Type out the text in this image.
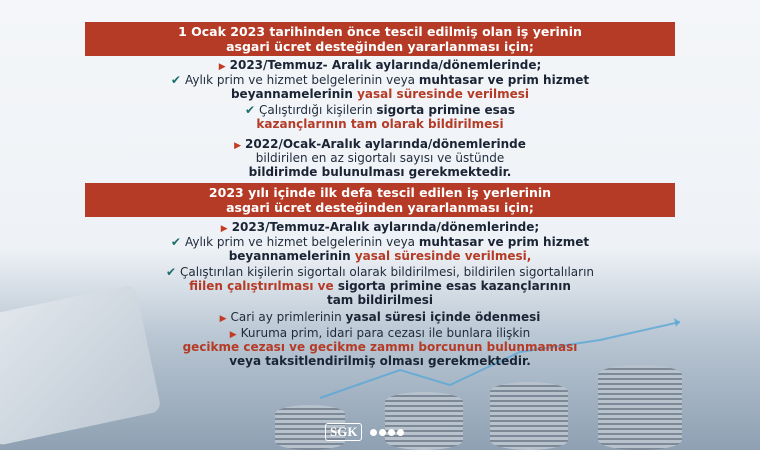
1 Ocak 2023 tarihinden önce tescil edilmiş olan iş yerinin
asgari ücret desteğinden yararlanması için;
▶ 2023/Temmuz- Aralık aylarında/dönemlerinde;
✔ Aylık prim ve hizmet belgelerinin veya muhtasar ve prim hizmet
beyannamelerinin yasal süresinde verilmesi
✔ Çalıştırdığı kişilerin sigorta primine esas
kazançlarının tam olarak bildirilmesi
▶ 2022/Ocak-Aralık aylarında/dönemlerinde
bildirilen en az sigortalı sayısı ve üstünde
bildirimde bulunulması gerekmektedir.
2023 yılı içinde ilk defa tescil edilen iş yerlerinin
asgari ücret desteğinden yararlanması için;
▶ 2023/Temmuz-Aralık aylarında/dönemlerinde;
✔ Aylık prim ve hizmet belgelerinin veya muhtasar ve prim hizmet
beyannamelerinin yasal süresinde verilmesi,
✔ Çalıştırılan kişilerin sigortalı olarak bildirilmesi, bildirilen sigortalıların
fiilen çalıştırılması ve sigorta primine esas kazançlarının
tam bildirilmesi
▶ Cari ay primlerinin yasal süresi içinde ödenmesi
▶ Kuruma prim, idari para cezası ile bunlara ilişkin
gecikme cezası ve gecikme zammı borcunun bulunmaması
veya taksitlendirilmiş olması gerekmektedir.
SGK
